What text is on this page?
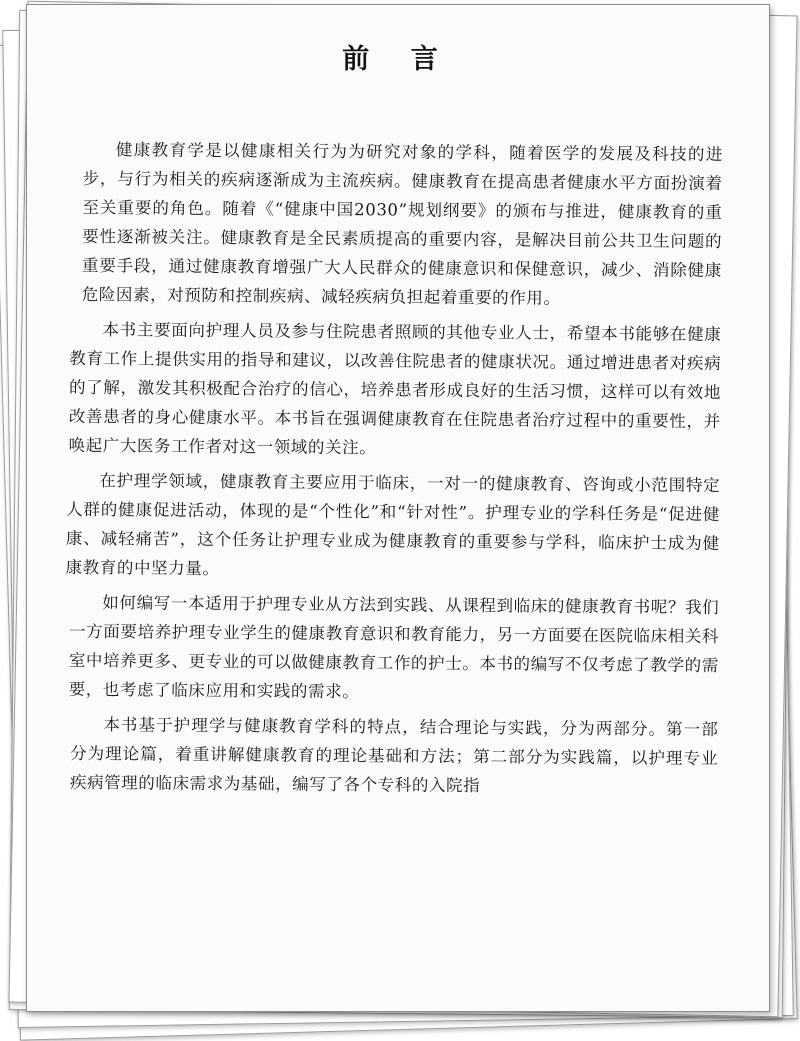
前 言

健康教育学是以健康相关行为为研究对象的学科，随着医学的发展及科技的进步，与行为相关的疾病逐渐成为主流疾病。健康教育在提高患者健康水平方面扮演着至关重要的角色。随着《“健康中国2030”规划纲要》的颁布与推进，健康教育的重要性逐渐被关注。健康教育是全民素质提高的重要内容，是解决目前公共卫生问题的重要手段，通过健康教育增强广大人民群众的健康意识和保健意识，减少、消除健康危险因素，对预防和控制疾病、减轻疾病负担起着重要的作用。

本书主要面向护理人员及参与住院患者照顾的其他专业人士，希望本书能够在健康教育工作上提供实用的指导和建议，以改善住院患者的健康状况。通过增进患者对疾病的了解，激发其积极配合治疗的信心，培养患者形成良好的生活习惯，这样可以有效地改善患者的身心健康水平。本书旨在强调健康教育在住院患者治疗过程中的重要性，并唤起广大医务工作者对这一领域的关注。

在护理学领域，健康教育主要应用于临床，一对一的健康教育、咨询或小范围特定人群的健康促进活动，体现的是“个性化”和“针对性”。护理专业的学科任务是“促进健康、减轻痛苦”，这个任务让护理专业成为健康教育的重要参与学科，临床护士成为健康教育的中坚力量。

如何编写一本适用于护理专业从方法到实践、从课程到临床的健康教育书呢？我们一方面要培养护理专业学生的健康教育意识和教育能力，另一方面要在医院临床相关科室中培养更多、更专业的可以做健康教育工作的护士。本书的编写不仅考虑了教学的需要，也考虑了临床应用和实践的需求。

本书基于护理学与健康教育学科的特点，结合理论与实践，分为两部分。第一部分为理论篇，着重讲解健康教育的理论基础和方法；第二部分为实践篇，以护理专业疾病管理的临床需求为基础，编写了各个专科的入院指
